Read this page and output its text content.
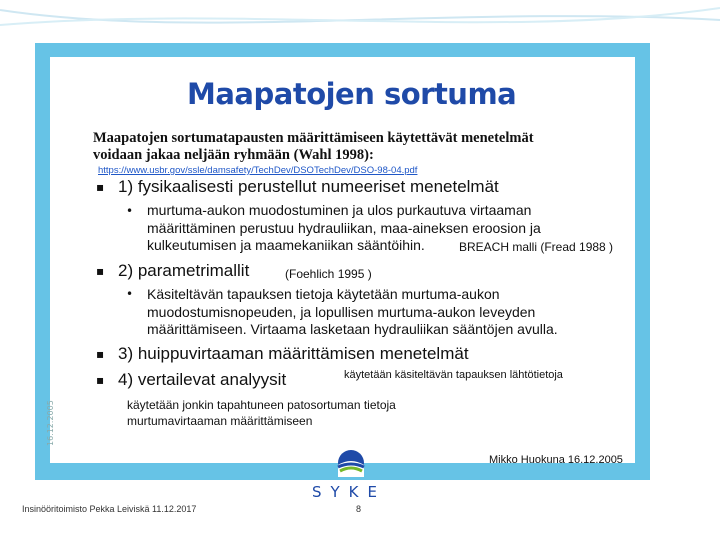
16.12.2005
Maapatojen sortuma
Maapatojen sortumatapausten määrittämiseen käytettävät menetelmät voidaan jakaa neljään ryhmään (Wahl 1998):
https://www.usbr.gov/ssle/damsafety/TechDev/DSOTechDev/DSO-98-04.pdf
▪ 1) fysikaalisesti perustellut numeeriset menetelmät
• murtuma-aukon muodostuminen ja ulos purkautuva virtaaman
määrittäminen perustuu hydrauliikan, maa-aineksen eroosion ja
kulkeutumisen ja maamekaniikan sääntöihin.	BREACH malli (Fread 1988 )
▪ 2) parametrimallit	(Foehlich 1995 )
• Käsiteltävän tapauksen tietoja käytetään murtuma-aukon
muodostumisnopeuden, ja lopullisen murtuma-aukon leveyden
määrittämiseen. Virtaama lasketaan hydrauliikan sääntöjen avulla.
▪ 3) huippuvirtaaman määrittämisen menetelmät	= Ennusteyhtälöt
käytetään käsiteltävän tapauksen lähtötietoja
▪ 4) vertailevat analyysit
käytetään jonkin tapahtuneen patosortuman tietoja
murtumavirtaaman määrittämiseen
SYKE
Mikko Huokuna 16.12.2005
Insinööritoimisto Pekka Leiviskä 11.12.2017	8
